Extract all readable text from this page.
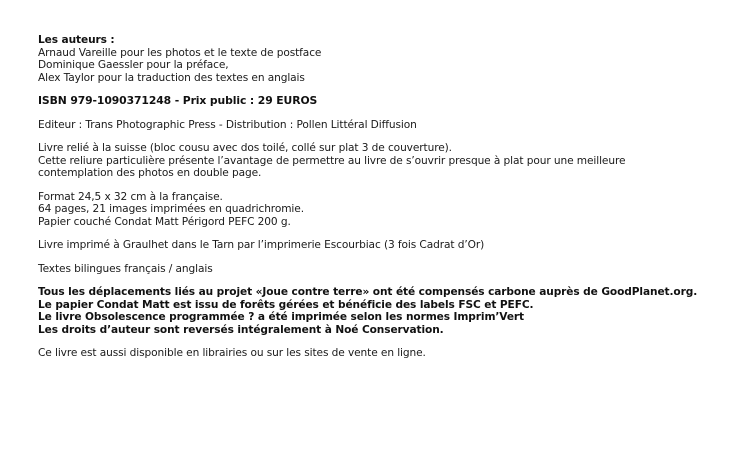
Les auteurs :
Arnaud Vareille pour les photos et le texte de postface
Dominique Gaessler pour la préface,
Alex Taylor pour la traduction des textes en anglais
ISBN 979-1090371248 - Prix public : 29 EUROS
Editeur : Trans Photographic Press - Distribution : Pollen Littéral Diffusion
Livre relié à la suisse (bloc cousu avec dos toilé, collé sur plat 3 de couverture).
Cette reliure particulière présente l’avantage de permettre au livre de s’ouvrir presque à plat pour une meilleure
contemplation des photos en double page.
Format 24,5 x 32 cm à la française.
64 pages, 21 images imprimées en quadrichromie.
Papier couché Condat Matt Périgord PEFC 200 g.
Livre imprimé à Graulhet dans le Tarn par l’imprimerie Escourbiac (3 fois Cadrat d’Or)
Textes bilingues français / anglais
Tous les déplacements liés au projet «Joue contre terre» ont été compensés carbone auprès de GoodPlanet.org.
Le papier Condat Matt est issu de forêts gérées et bénéficie des labels FSC et PEFC.
Le livre Obsolescence programmée ? a été imprimée selon les normes Imprim’Vert
Les droits d’auteur sont reversés intégralement à Noé Conservation.
Ce livre est aussi disponible en librairies ou sur les sites de vente en ligne.
